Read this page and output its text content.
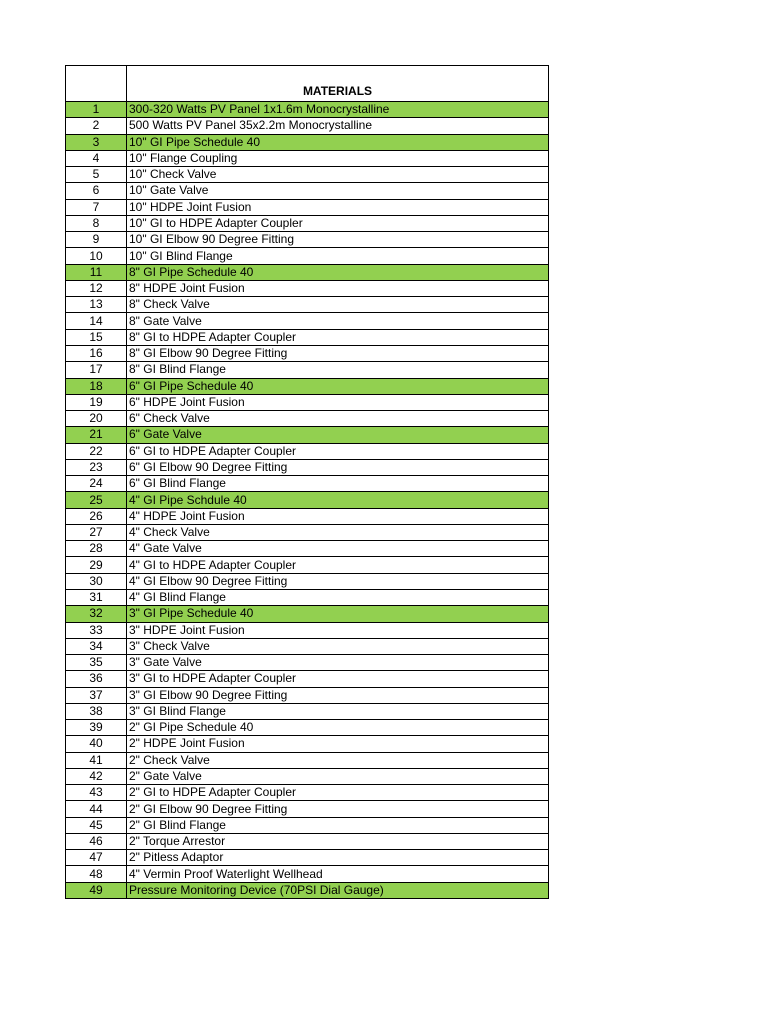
	MATERIALS
1	300-320 Watts PV Panel 1x1.6m Monocrystalline
2	500 Watts PV Panel 35x2.2m Monocrystalline
3	10" GI Pipe Schedule 40
4	10" Flange Coupling
5	10" Check Valve
6	10" Gate Valve
7	10" HDPE Joint Fusion
8	10" GI to HDPE Adapter Coupler
9	10" GI Elbow 90 Degree Fitting
10	10" GI Blind Flange
11	8" GI Pipe Schedule 40
12	8" HDPE Joint Fusion
13	8" Check Valve
14	8" Gate Valve
15	8" GI to HDPE Adapter Coupler
16	8" GI Elbow 90 Degree Fitting
17	8" GI Blind Flange
18	6" GI Pipe Schedule 40
19	6" HDPE Joint Fusion
20	6" Check Valve
21	6" Gate Valve
22	6" GI to HDPE Adapter Coupler
23	6" GI Elbow 90 Degree Fitting
24	6" GI Blind Flange
25	4" GI Pipe Schdule 40
26	4" HDPE Joint Fusion
27	4" Check Valve
28	4" Gate Valve
29	4" GI to HDPE Adapter Coupler
30	4" GI Elbow 90 Degree Fitting
31	4" GI Blind Flange
32	3" GI Pipe Schedule 40
33	3" HDPE Joint Fusion
34	3" Check Valve
35	3" Gate Valve
36	3" GI to HDPE Adapter Coupler
37	3" GI Elbow 90 Degree Fitting
38	3" GI Blind Flange
39	2" GI Pipe Schedule 40
40	2" HDPE Joint Fusion
41	2" Check Valve
42	2" Gate Valve
43	2" GI to HDPE Adapter Coupler
44	2" GI Elbow 90 Degree Fitting
45	2" GI Blind Flange
46	2" Torque Arrestor
47	2" Pitless Adaptor
48	4" Vermin Proof Waterlight Wellhead
49	Pressure Monitoring Device (70PSI Dial Gauge)
